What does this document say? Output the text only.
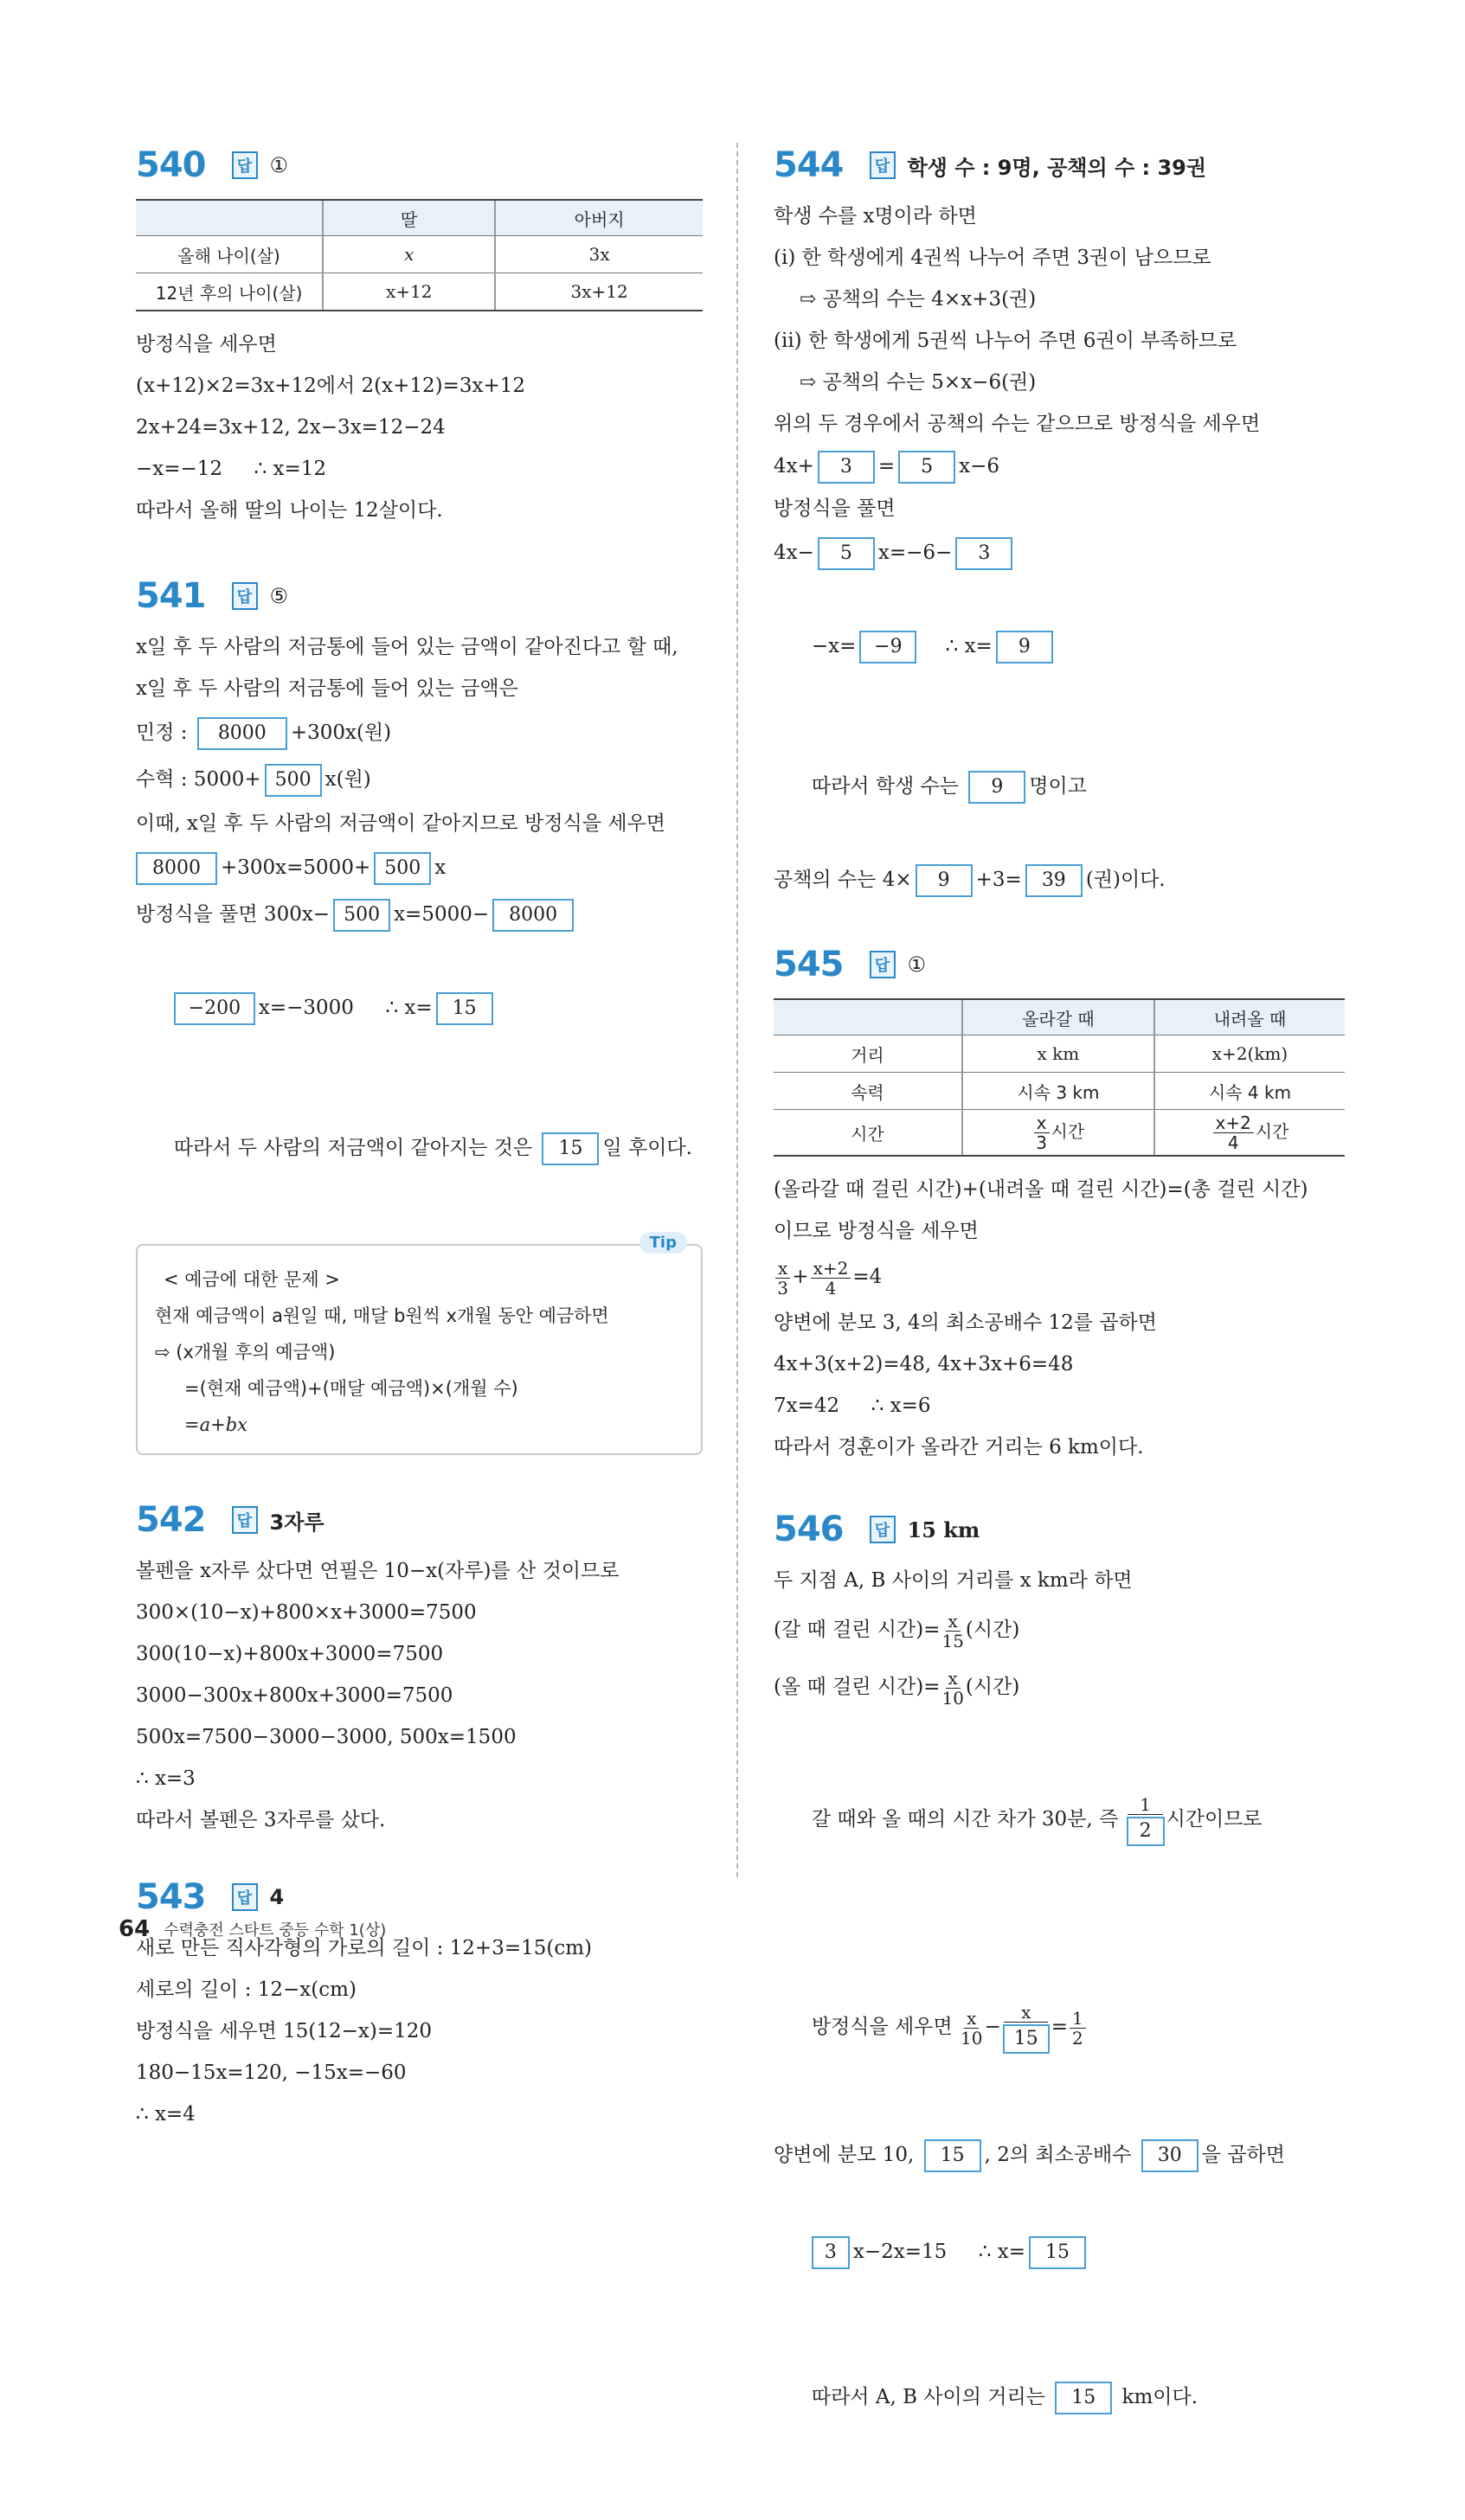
540	답 ①
	딸	아버지
올해 나이(살)	x	3x
12년 후의 나이(살)	x+12	3x+12
방정식을 세우면
(x+12)×2=3x+12에서 2(x+12)=3x+12
2x+24=3x+12, 2x−3x=12−24
−x=−12     ∴ x=12
따라서 올해 딸의 나이는 12살이다.
541	답 ⑤
x일 후 두 사람의 저금통에 들어 있는 금액이 같아진다고 할 때,
x일 후 두 사람의 저금통에 들어 있는 금액은
민정 : 8000 +300x(원)
수혁 : 5000+ 500 x(원)
이때, x일 후 두 사람의 저금액이 같아지므로 방정식을 세우면
8000 +300x=5000+ 500 x
방정식을 풀면 300x− 500 x=5000− 8000

−200 x=−3000     ∴ x= 15

따라서 두 사람의 저금액이 같아지는 것은 15 일 후이다.

Tip
< 예금에 대한 문제 >
현재 예금액이 a원일 때, 매달 b원씩 x개월 동안 예금하면
⇨ (x개월 후의 예금액)
=(현재 예금액)+(매달 예금액)×(개월 수)
=a+bx
542	답 3자루
볼펜을 x자루 샀다면 연필은 10−x(자루)를 산 것이므로
300×(10−x)+800×x+3000=7500
300(10−x)+800x+3000=7500
3000−300x+800x+3000=7500
500x=7500−3000−3000, 500x=1500
∴ x=3
따라서 볼펜은 3자루를 샀다.
543	답 4
새로 만든 직사각형의 가로의 길이 : 12+3=15(cm)
세로의 길이 : 12−x(cm)
방정식을 세우면 15(12−x)=120
180−15x=120, −15x=−60
∴ x=4
544	답 학생 수 : 9명, 공책의 수 : 39권
학생 수를 x명이라 하면
(ⅰ) 한 학생에게 4권씩 나누어 주면 3권이 남으므로
⇨ 공책의 수는 4×x+3(권)
(ⅱ) 한 학생에게 5권씩 나누어 주면 6권이 부족하므로
⇨ 공책의 수는 5×x−6(권)
위의 두 경우에서 공책의 수는 같으므로 방정식을 세우면
4x+ 3 = 5 x−6
방정식을 풀면
4x− 5 x=−6− 3

−x= −9    ∴ x= 9

따라서 학생 수는 9 명이고

공책의 수는 4× 9 +3= 39 (권)이다.
545	답 ①
	올라갈 때	내려올 때
거리	x km	x+2(km)
속력	시속 3 km	시속 4 km
시간	$\frac{x}{3}$ 시간	$\frac{x+2}{4}$ 시간
(올라갈 때 걸린 시간)+(내려올 때 걸린 시간)=(총 걸린 시간)
이므로 방정식을 세우면
$\frac{x}{3} + \frac{x+2}{4} =4$
양변에 분모 3, 4의 최소공배수 12를 곱하면
4x+3(x+2)=48, 4x+3x+6=48
7x=42     ∴ x=6
따라서 경훈이가 올라간 거리는 6 km이다.
546	답 15 km
두 지점 A, B 사이의 거리를 x km라 하면
(갈 때 걸린 시간)= $\frac{x}{15}$ (시간)
(올 때 걸린 시간)= $\frac{x}{10}$ (시간)

갈 때와 올 때의 시간 차가 30분, 즉 $\frac{1}{2}$ 시간이므로

방정식을 세우면 $\frac{x}{10} - \frac{x}{15} = \frac{1}{2}$

양변에 분모 10, 15 , 2의 최소공배수 30 을 곱하면

3 x−2x=15     ∴ x= 15

따라서 A, B 사이의 거리는 15 km이다.

64 수력충전 스타트 중등 수학 1(상)
